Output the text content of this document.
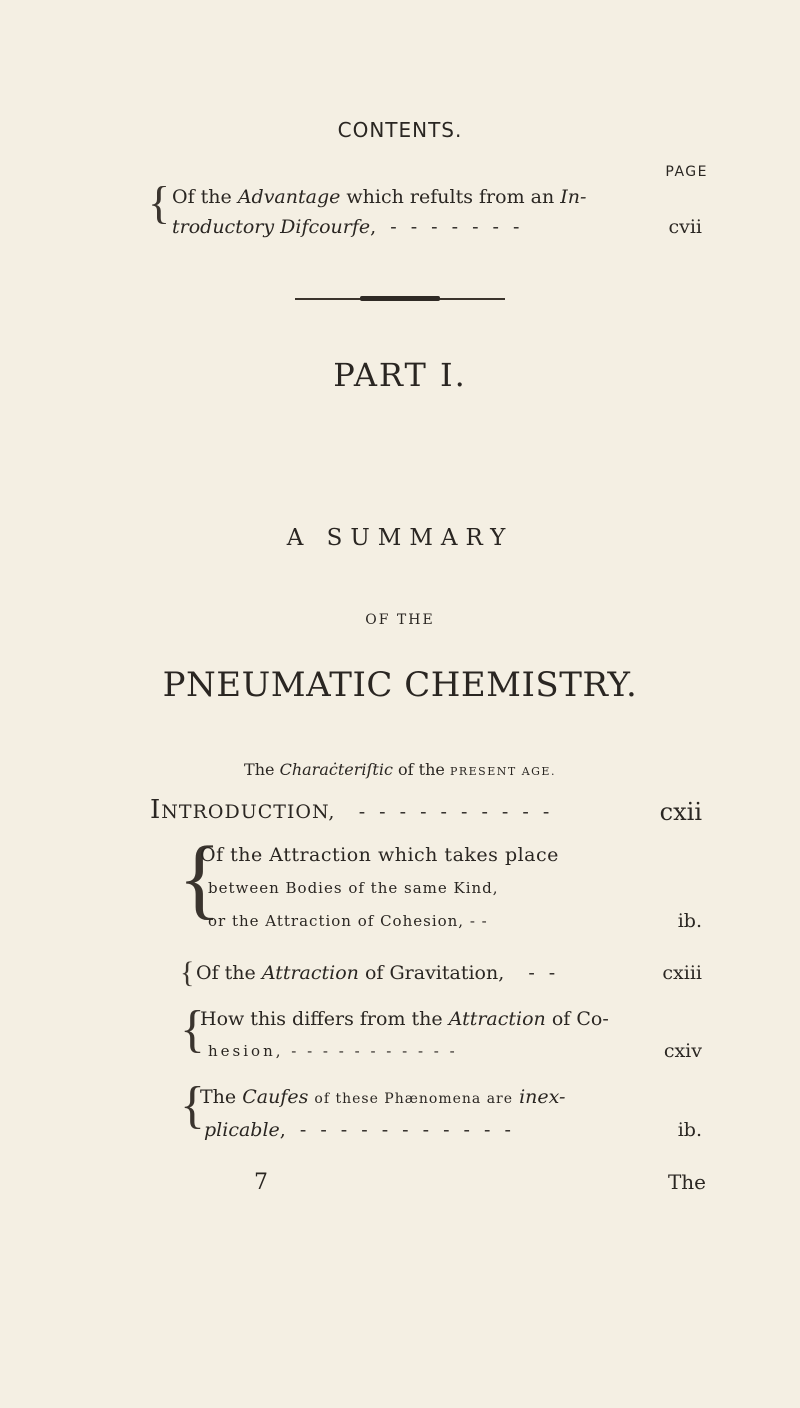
CONTENTS.
PAGE
{ Of the Advantage which refults from an In-
troductory Difcourfe, - - - - - - -	cvii
PART I.
A SUMMARY
OF THE
PNEUMATIC CHEMISTRY.
The Charaċteriſtic of the PRESENT AGE.
INTRODUCTION, - - - - - - - - - -	cxii
{
Of the Attraction which takes place
between Bodies of the same Kind,
or the Attraction of Cohesion, - -	ib.
{ Of the Attraction of Gravitation, - -	cxiii
{
How this differs from the Attraction of Co-
hesion, - - - - - - - - - - -	cxiv
{
The Caufes of these Phænomena are inex-
plicable, - - - - - - - - - - -	ib.
7	The
